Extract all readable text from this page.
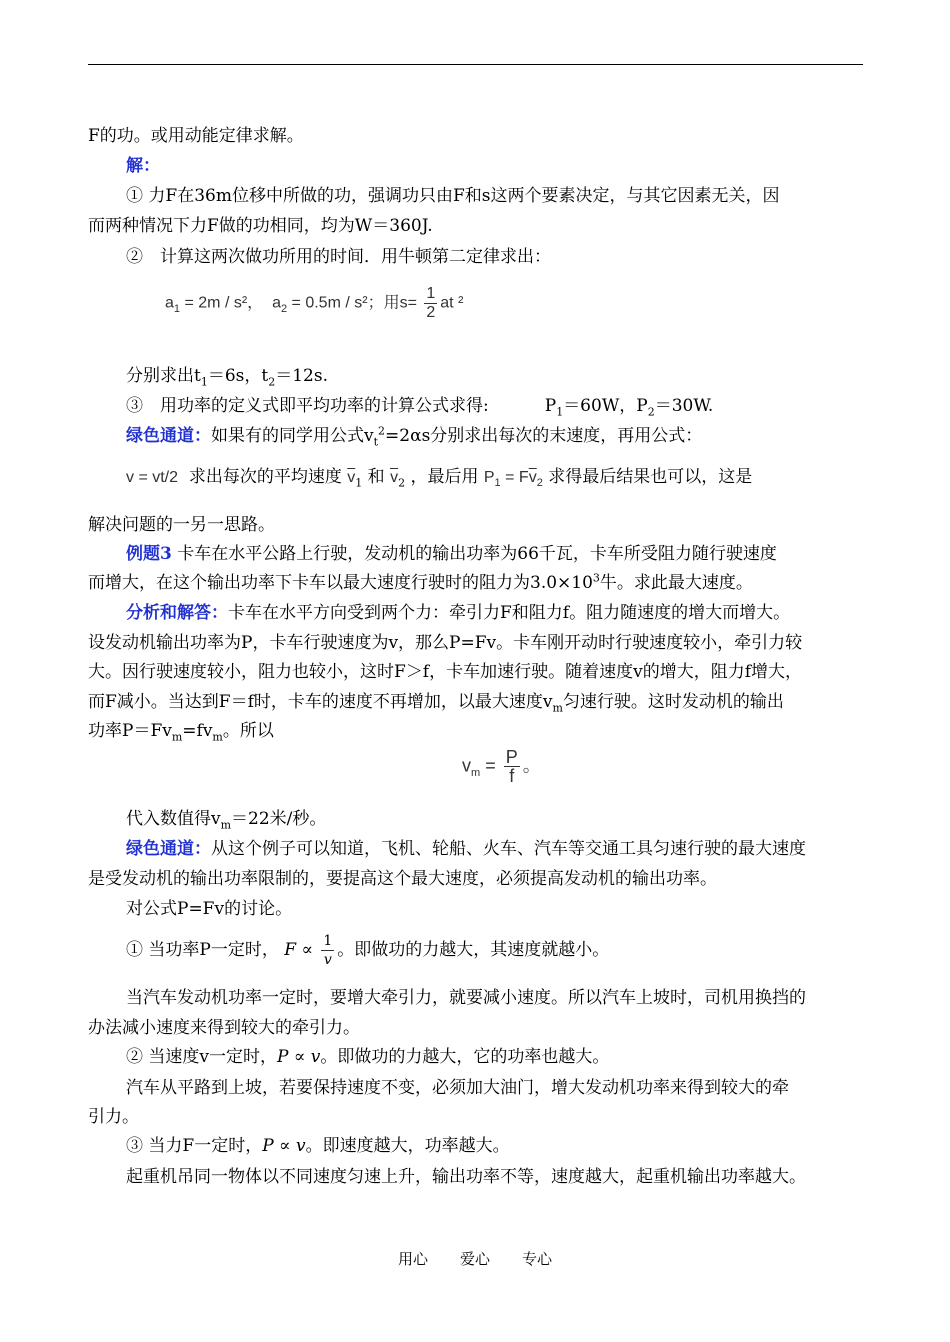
F的功。或用动能定律求解。
解：
① 力F在36m位移中所做的功，强调功只由F和s这两个要素决定，与其它因素无关，因
而两种情况下力F做的功相同，均为W＝360J.
②　计算这两次做功所用的时间．用牛顿第二定律求出：
$a_1 = 2m / s^2$， $a_2 = 0.5m / s^2$；用$s= \frac{1}{2}$ at ²
分别求出$t_1=6s$，$t_2=12s$.
③　用功率的定义式即平均功率的计算公式求得:	$P_1=60W$，$P_2=30W$.
绿色通道：如果有的同学用公式$v_t^2=2\alpha s$分别求出每次的末速度，再用公式：
v = vt/2 求出每次的平均速度 $\overline{v}_1$ 和 $\overline{v}_2$ ，最后用 $P_1 = F\overline{v}_2$ 求得最后结果也可以，这是
解决问题的一另一思路。
例题3 卡车在水平公路上行驶，发动机的输出功率为66千瓦，卡车所受阻力随行驶速度
而增大，在这个输出功率下卡车以最大速度行驶时的阻力为$3.0\times 10^3$牛。求此最大速度。
分析和解答：卡车在水平方向受到两个力：牵引力F和阻力f。阻力随速度的增大而增大。
设发动机输出功率为P，卡车行驶速度为v，那么P=Fv。卡车刚开动时行驶速度较小，牵引力较
大。因行驶速度较小，阻力也较小，这时F＞f，卡车加速行驶。随着速度v的增大，阻力f增大，
而F减小。当达到F＝f时，卡车的速度不再增加，以最大速度$v_m$匀速行驶。这时发动机的输出
功率$P=Fv_m=fv_m$。所以
$v_m = \frac{P}{f}$ 。
代入数值得$v_m=22$米/秒。
绿色通道：从这个例子可以知道，飞机、轮船、火车、汽车等交通工具匀速行驶的最大速度
是受发动机的输出功率限制的，要提高这个最大速度，必须提高发动机的输出功率。
对公式P=Fv的讨论。
① 当功率P一定时， $F \propto \frac{1}{v}$ 。即做功的力越大，其速度就越小。
当汽车发动机功率一定时，要增大牵引力，就要减小速度。所以汽车上坡时，司机用换挡的
办法减小速度来得到较大的牵引力。
② 当速度v一定时，P ∝ v。即做功的力越大，它的功率也越大。
汽车从平路到上坡，若要保持速度不变，必须加大油门，增大发动机功率来得到较大的牵
引力。
③ 当力F一定时，P ∝ v。即速度越大，功率越大。
起重机吊同一物体以不同速度匀速上升，输出功率不等，速度越大，起重机输出功率越大。
用心 爱心 专心
